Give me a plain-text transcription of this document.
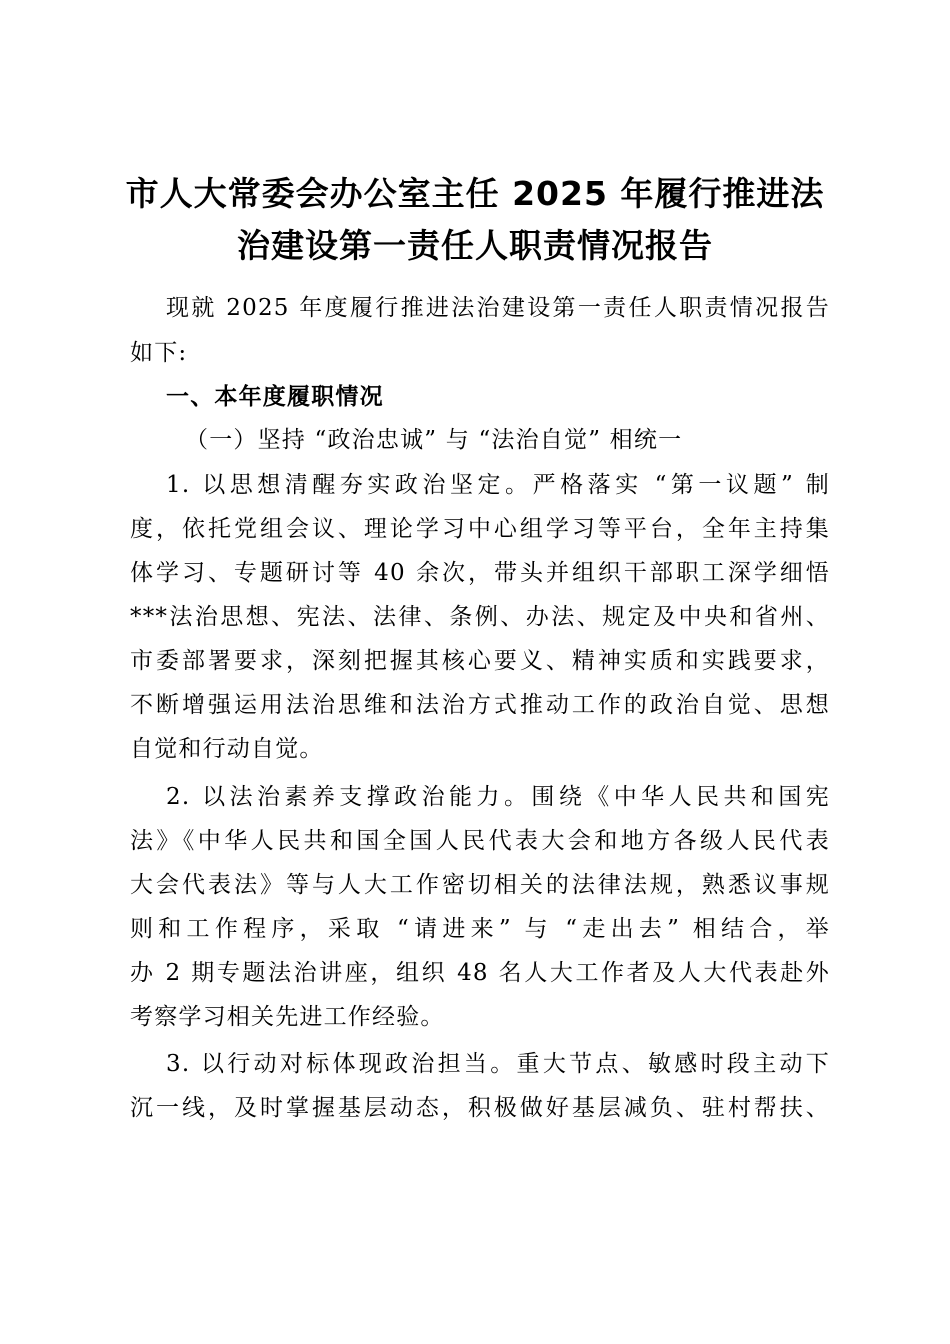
市人大常委会办公室主任 2025 年履行推进法
治建设第一责任人职责情况报告
现就 2025 年度履行推进法治建设第一责任人职责情况报告
如下:
一、本年度履职情况
（一）坚持 “政治忠诚” 与 “法治自觉” 相统一
1. 以思想清醒夯实政治坚定。严格落实 “第一议题” 制
度，依托党组会议、理论学习中心组学习等平台，全年主持集
体学习、专题研讨等 40 余次，带头并组织干部职工深学细悟
***法治思想、宪法、法律、条例、办法、规定及中央和省州、
市委部署要求，深刻把握其核心要义、精神实质和实践要求，
不断增强运用法治思维和法治方式推动工作的政治自觉、思想
自觉和行动自觉。
2. 以法治素养支撑政治能力。围绕《中华人民共和国宪
法》《中华人民共和国全国人民代表大会和地方各级人民代表
大会代表法》等与人大工作密切相关的法律法规，熟悉议事规
则和工作程序，采取 “请进来” 与 “走出去” 相结合，举
办 2 期专题法治讲座，组织 48 名人大工作者及人大代表赴外
考察学习相关先进工作经验。
3. 以行动对标体现政治担当。重大节点、敏感时段主动下
沉一线，及时掌握基层动态，积极做好基层减负、驻村帮扶、
